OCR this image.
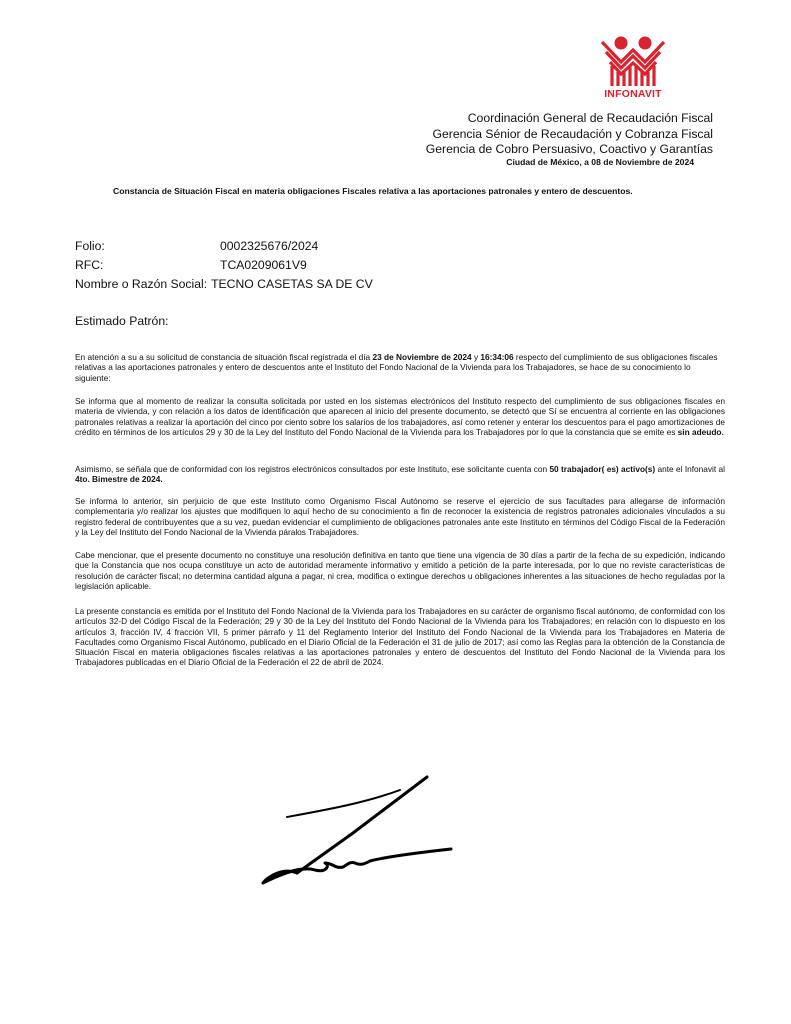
INFONAVIT
Coordinación General de Recaudación Fiscal
Gerencia Sénior de Recaudación y Cobranza Fiscal
Gerencia de Cobro Persuasivo, Coactivo y Garantías
Ciudad de México, a 08 de Noviembre de 2024
Constancia de Situación Fiscal en materia obligaciones Fiscales relativa a las aportaciones patronales y entero de descuentos.
Folio:	0002325676/2024
RFC:	TCA0209061V9
Nombre o Razón Social: TECNO CASETAS SA DE CV
Estimado Patrón:
En atención a su a su solicitud de constancia de situación fiscal registrada el día 23 de Noviembre de 2024 y 16:34:06 respecto del cumplimiento de sus obligaciones fiscales relativas a las aportaciones patronales y entero de descuentos ante el Instituto del Fondo Nacional de la Vivienda para los Trabajadores, se hace de su conocimiento lo siguiente:
Se informa que al momento de realizar la consulta solicitada por usted en los sistemas electrónicos del Instituto respecto del cumplimiento de sus obligaciones fiscales en materia de vivienda, y con relación a los datos de identificación que aparecen al inicio del presente documento, se detectó que Sí se encuentra al corriente en las obligaciones patronales relativas a realizar la aportación del cinco por ciento sobre los salarios de los trabajadores, así como retener y enterar los descuentos para el pago amortizaciones de crédito en términos de los artículos 29 y 30 de la Ley del Instituto del Fondo Nacional de la Vivienda para los Trabajadores por lo que la constancia que se emite es sin adeudo.
Asimismo, se señala que de conformidad con los registros electrónicos consultados por este Instituto, ese solicitante cuenta con 50 trabajador( es) activo(s) ante el Infonavit al 4to. Bimestre de 2024.
Se informa lo anterior, sin perjuicio de que este Instituto como Organismo Fiscal Autónomo se reserve el ejercicio de sus facultades para allegarse de información complementaria y/o realizar los ajustes que modifiquen lo aquí hecho de su conocimiento a fin de reconocer la existencia de registros patronales adicionales vinculados a su registro federal de contribuyentes que a su vez, puedan evidenciar el cumplimiento de obligaciones patronales ante este Instituto en términos del Código Fiscal de la Federación y la Ley del Instituto del Fondo Nacional de la Vivienda páralos Trabajadores.
Cabe mencionar, que el presente documento no constituye una resolución definitiva en tanto que tiene una vigencia de 30 días a partir de la fecha de su expedición, indicando que la Constancia que nos ocupa constituye un acto de autoridad meramente informativo y emitido a petición de la parte interesada, por lo que no reviste características de resolución de carácter fiscal; no determina cantidad alguna a pagar, ni crea, modifica o extingue derechos u obligaciones inherentes a las situaciones de hecho reguladas por la legislación aplicable.
La presente constancia es emitida por el Instituto del Fondo Nacional de la Vivienda para los Trabajadores en su carácter de organismo fiscal autónomo, de conformidad con los artículos 32-D del Código Fiscal de la Federación; 29 y 30 de la Ley del Instituto del Fondo Nacional de la Vivienda para los Trabajadores; en relación con lo dispuesto en los artículos 3, fracción IV, 4 fracción VII, 5 primer párrafo y 11 del Reglamento Interior del Instituto del Fondo Nacional de la Vivienda para los Trabajadores en Materia de Facultades como Organismo Fiscal Autónomo, publicado en el Diario Oficial de la Federación el 31 de julio de 2017; así como las Reglas para la obtención de la Constancia de Situación Fiscal en materia obligaciones fiscales relativas a las aportaciones patronales y entero de descuentos del Instituto del Fondo Nacional de la Vivienda para los Trabajadores publicadas en el Diario Oficial de la Federación el 22 de abril de 2024.
